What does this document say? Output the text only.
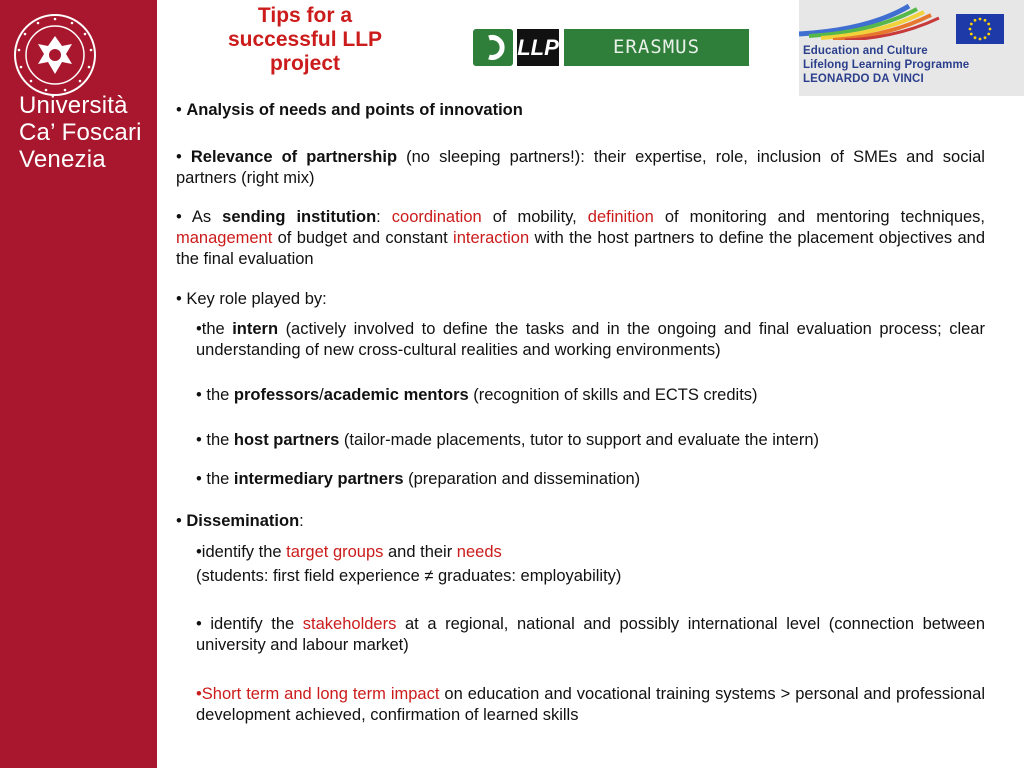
Università
Ca’ Foscari
Venezia
Tips for a
successful LLP
project
LLP	ERASMUS	Education and Culture
Lifelong Learning Programme
LEONARDO DA VINCI
• Analysis of needs and points of innovation
• Relevance of partnership (no sleeping partners!): their expertise, role, inclusion of SMEs and social partners (right mix)
• As sending institution: coordination of mobility, definition of monitoring and mentoring techniques, management of budget and constant interaction with the host partners to define the placement objectives and the final evaluation
• Key role played by:
•the intern (actively involved to define the tasks and in the ongoing and final evaluation process; clear understanding of new cross-cultural realities and working environments)
• the professors/academic mentors (recognition of skills and ECTS credits)
• the host partners (tailor-made placements, tutor to support and evaluate the intern)
• the intermediary partners (preparation and dissemination)
• Dissemination:
•identify the target groups and their needs
(students: first field experience ≠ graduates: employability)
• identify the stakeholders at a regional, national and possibly international level (connection between university and labour market)
•Short term and long term impact on education and vocational training systems > personal and professional development achieved, confirmation of learned skills
